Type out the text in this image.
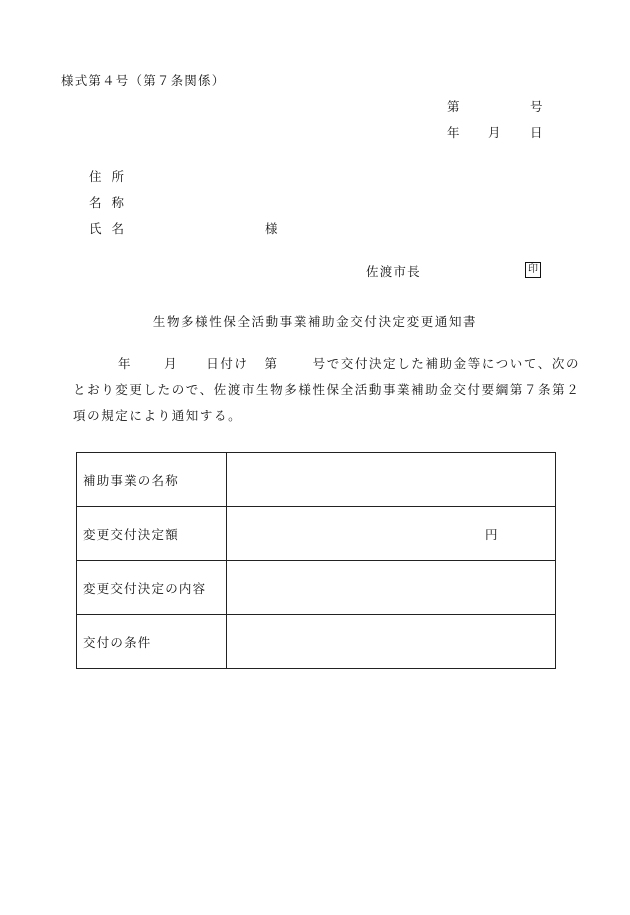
様式第４号（第７条関係）
第	号
年 月 日
住所
名称
氏名	様
佐渡市長	印
生物多様性保全活動事業補助金交付決定変更通知書
年	月 日付け 第	号で交付決定した補助金等について、次の
とおり変更したので、佐渡市生物多様性保全活動事業補助金交付要綱第７条第２
項の規定により通知する。
補助事業の名称	
変更交付決定額	円

変更交付決定の内容	
交付の条件	
